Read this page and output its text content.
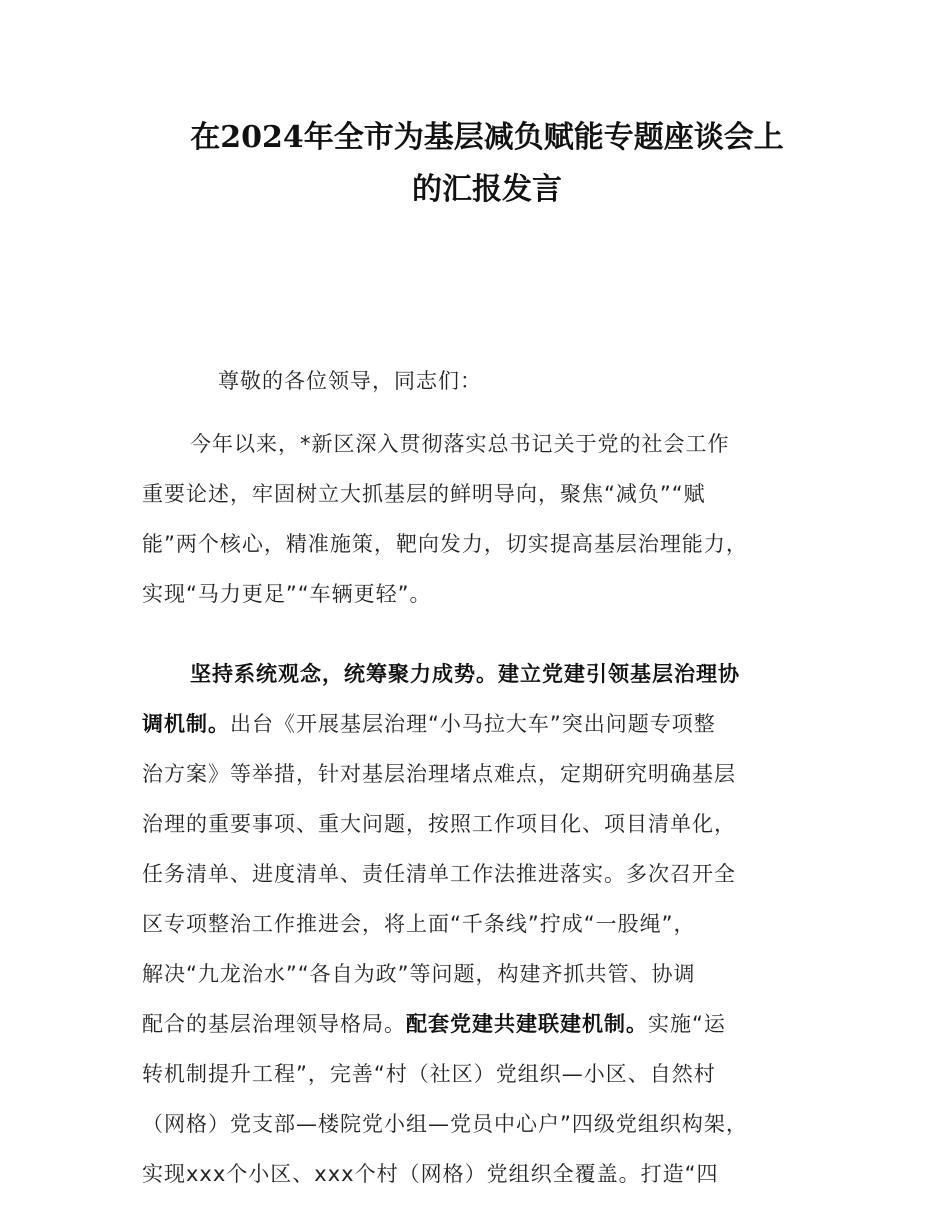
在2024年全市为基层减负赋能专题座谈会上
的汇报发言

尊敬的各位领导，同志们：

今年以来，*新区深入贯彻落实总书记关于党的社会工作
重要论述，牢固树立大抓基层的鲜明导向，聚焦“减负”“赋
能”两个核心，精准施策，靶向发力，切实提高基层治理能力，
实现“马力更足”“车辆更轻”。

坚持系统观念，统筹聚力成势。建立党建引领基层治理协
调机制。出台《开展基层治理“小马拉大车”突出问题专项整
治方案》等举措，针对基层治理堵点难点，定期研究明确基层
治理的重要事项、重大问题，按照工作项目化、项目清单化，
任务清单、进度清单、责任清单工作法推进落实。多次召开全
区专项整治工作推进会，将上面“千条线”拧成“一股绳”，
解决“九龙治水”“各自为政”等问题，构建齐抓共管、协调
配合的基层治理领导格局。配套党建共建联建机制。实施“运
转机制提升工程”，完善“村（社区）党组织—小区、自然村
（网格）党支部—楼院党小组—党员中心户”四级党组织构架，
实现xxx个小区、xxx个村（网格）党组织全覆盖。打造“四
